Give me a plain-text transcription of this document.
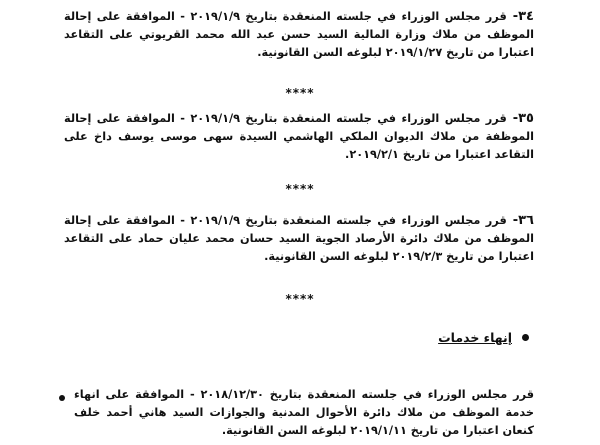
٣٤-قرر مجلس الوزراء في جلسته المنعقدة بتاريخ ٢٠١٩/١/٩ - الموافقة على إحالة الموظف من ملاك وزارة المالية السيد حسن عبد الله محمد القريوتي على التقاعد اعتبارا من تاريخ ٢٠١٩/١/٢٧ لبلوغه السن القانونية.
****
٣٥-قرر مجلس الوزراء في جلسته المنعقدة بتاريخ ٢٠١٩/١/٩ - الموافقة على إحالة الموظفة من ملاك الديوان الملكي الهاشمي السيدة سهى موسى يوسف داخ على التقاعد اعتبارا من تاريخ ٢٠١٩/٢/١.
****
٣٦-قرر مجلس الوزراء في جلسته المنعقدة بتاريخ ٢٠١٩/١/٩ - الموافقة على إحالة الموظف من ملاك دائرة الأرصاد الجوية السيد حسان محمد عليان حماد على التقاعد اعتبارا من تاريخ ٢٠١٩/٢/٣ لبلوغه السن القانونية.
****
إنهاء خدمات
قرر مجلس الوزراء في جلسته المنعقدة بتاريخ ٢٠١٨/١٢/٣٠ - الموافقة على انهاء خدمة الموظف من ملاك دائرة الأحوال المدنية والجوازات السيد هاني أحمد خلف كنعان اعتبارا من تاريخ ٢٠١٩/١/١١ لبلوغه السن القانونية.
